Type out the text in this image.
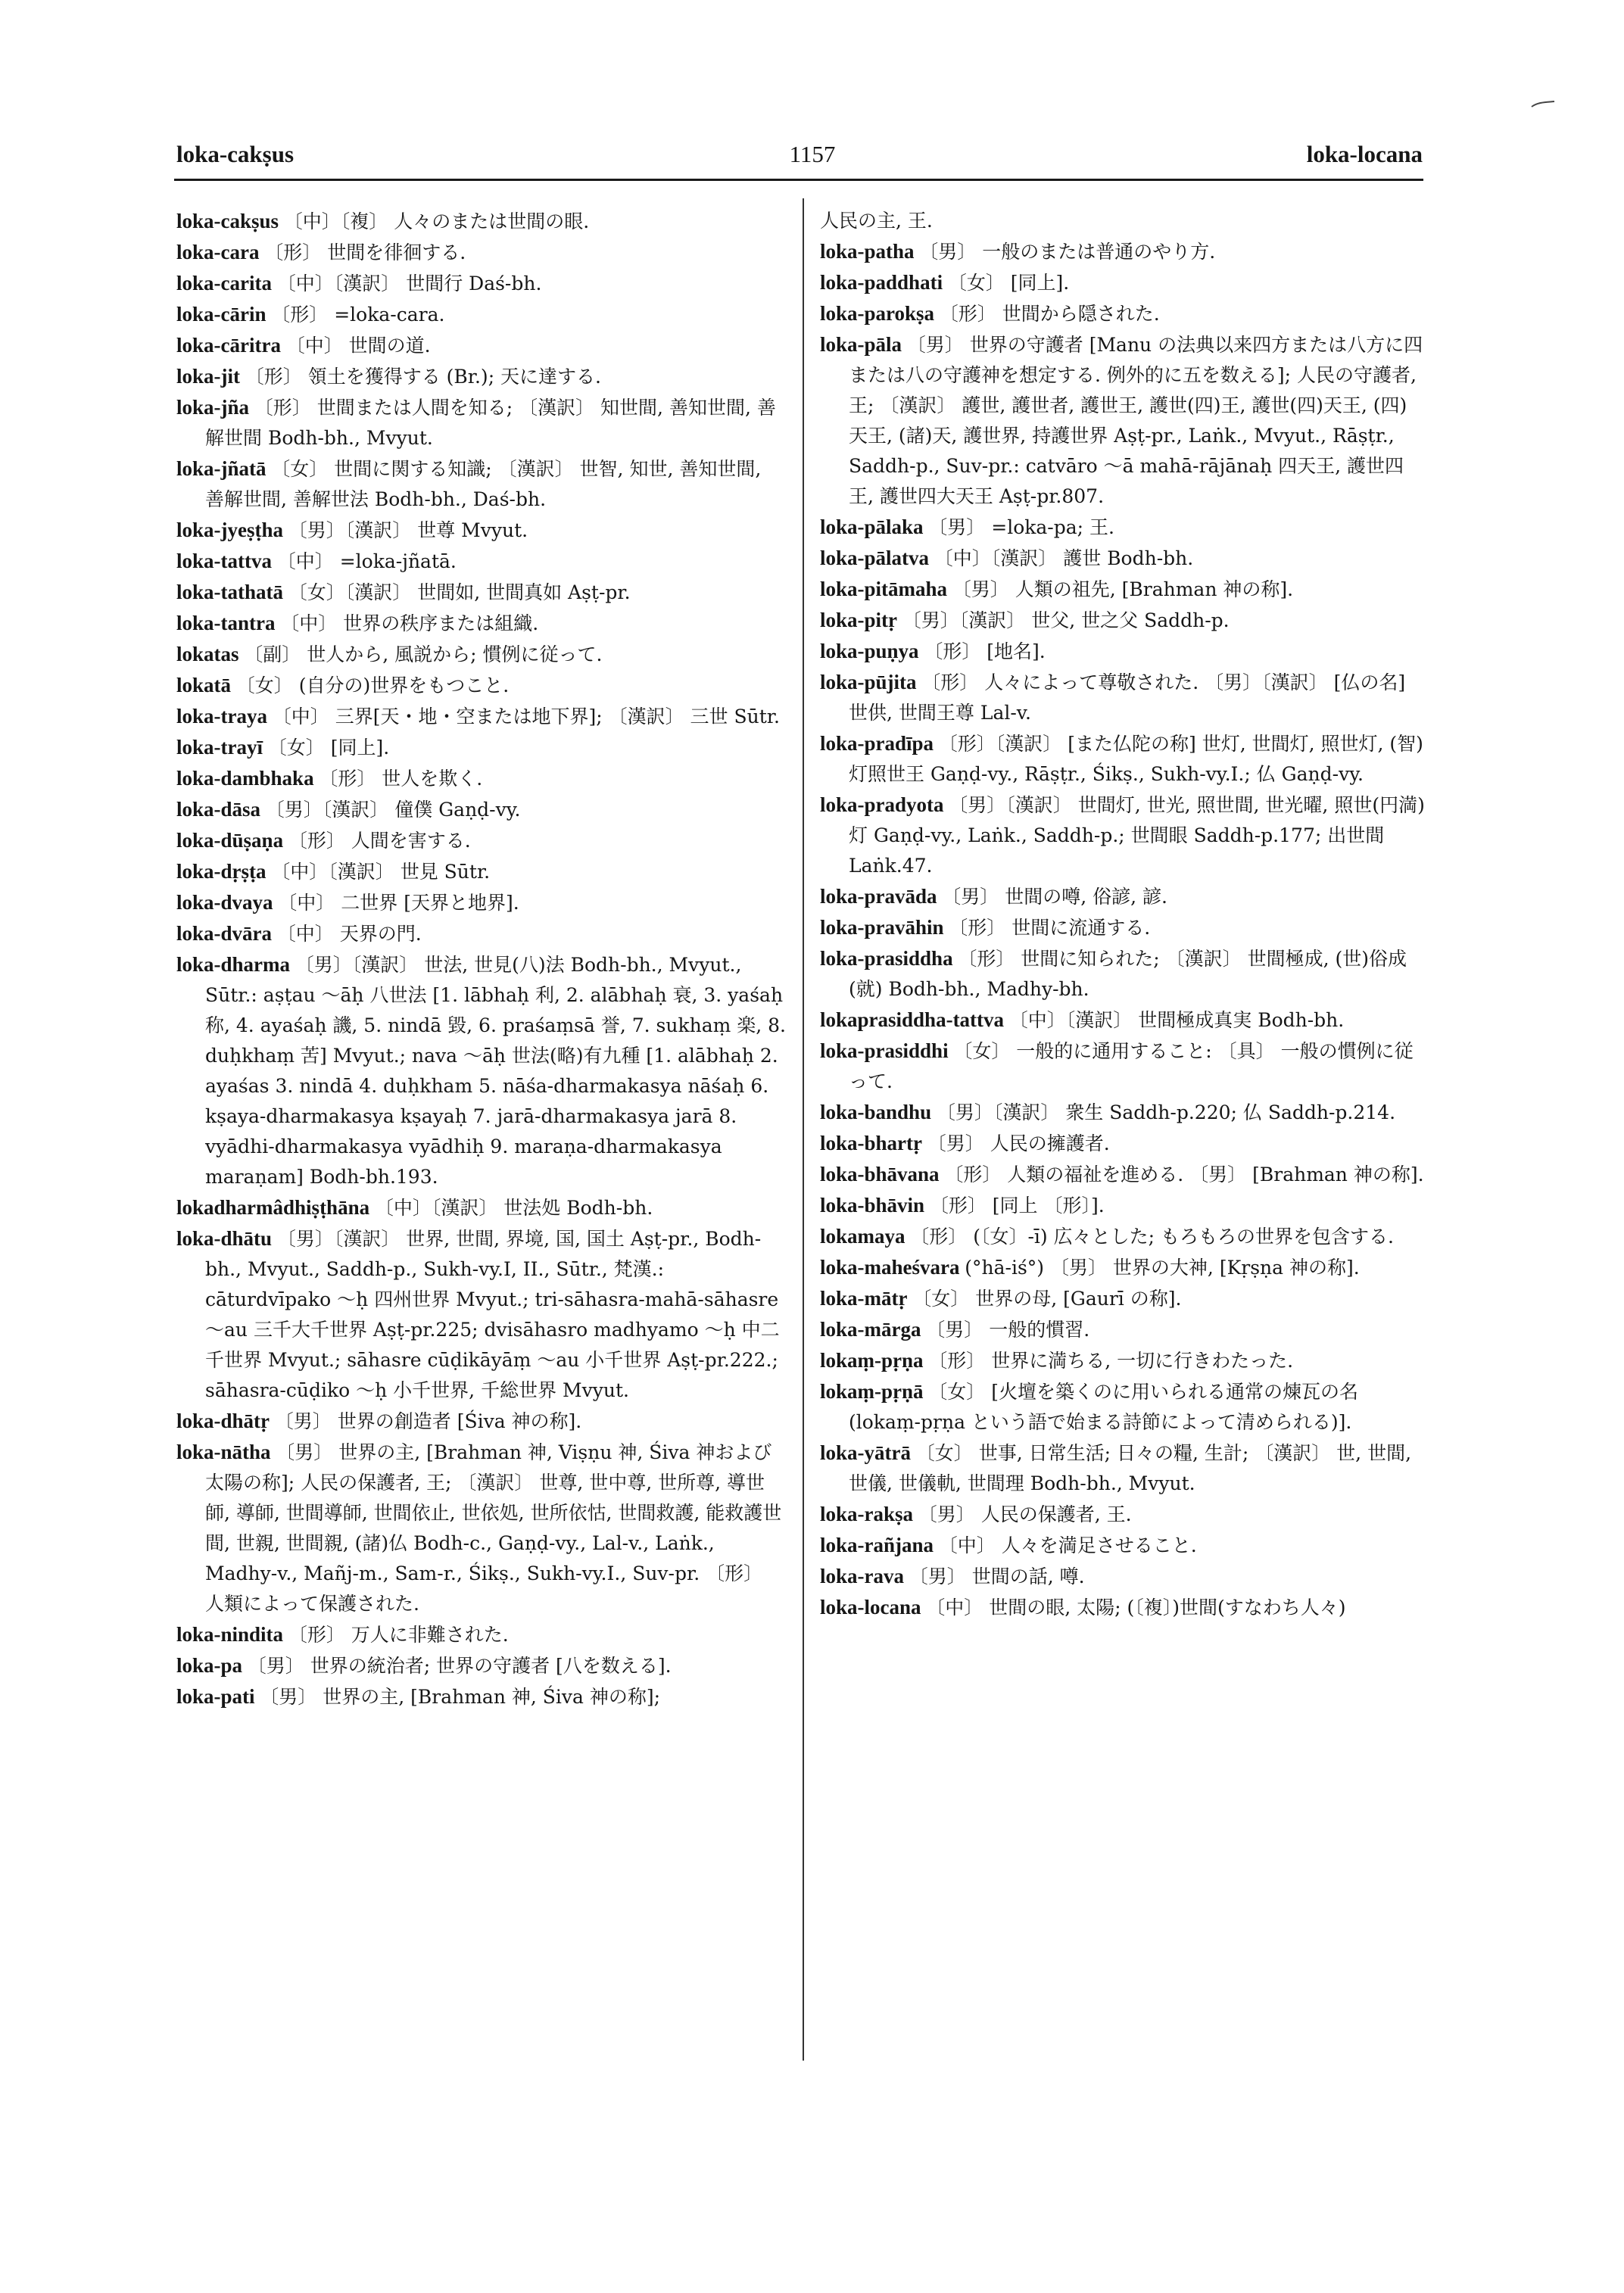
loka-cakṣus	1157	loka-locana

loka-cakṣus 〔中〕〔複〕 人々のまたは世間の眼.

loka-cara 〔形〕 世間を徘徊する.

loka-carita 〔中〕〔漢訳〕 世間行 Daś-bh.

loka-cārin 〔形〕 =loka-cara.

loka-cāritra 〔中〕 世間の道.

loka-jit 〔形〕 領土を獲得する (Br.); 天に達する.

loka-jña 〔形〕 世間または人間を知る; 〔漢訳〕 知世間, 善知世間, 善解世間 Bodh-bh., Mvyut.

loka-jñatā 〔女〕 世間に関する知識; 〔漢訳〕 世智, 知世, 善知世間, 善解世間, 善解世法 Bodh-bh., Daś-bh.

loka-jyeṣṭha 〔男〕〔漢訳〕 世尊 Mvyut.

loka-tattva 〔中〕 =loka-jñatā.

loka-tathatā 〔女〕〔漢訳〕 世間如, 世間真如 Aṣṭ-pr.

loka-tantra 〔中〕 世界の秩序または組織.

lokatas 〔副〕 世人から, 風説から; 慣例に従って.

lokatā 〔女〕 (自分の)世界をもつこと.

loka-traya 〔中〕 三界[天・地・空または地下界]; 〔漢訳〕 三世 Sūtr.

loka-trayī 〔女〕 [同上].

loka-dambhaka 〔形〕 世人を欺く.

loka-dāsa 〔男〕〔漢訳〕 僮僕 Gaṇḍ-vy.

loka-dūṣaṇa 〔形〕 人間を害する.

loka-dṛṣṭa 〔中〕〔漢訳〕 世見 Sūtr.

loka-dvaya 〔中〕 二世界 [天界と地界].

loka-dvāra 〔中〕 天界の門.

loka-dharma 〔男〕〔漢訳〕 世法, 世見(八)法 Bodh-bh., Mvyut., Sūtr.: aṣṭau ～āḥ 八世法 [1. lābhaḥ 利, 2. alābhaḥ 衰, 3. yaśaḥ 称, 4. ayaśaḥ 譏, 5. nindā 毀, 6. praśaṃsā 誉, 7. sukhaṃ 楽, 8. duḥkhaṃ 苦] Mvyut.; nava ～āḥ 世法(略)有九種 [1. alābhaḥ 2. ayaśas 3. nindā 4. duḥkham 5. nāśa-dharmakasya nāśaḥ 6. kṣaya-dharmakasya kṣayaḥ 7. jarā-dharmakasya jarā 8. vyādhi-dharmakasya vyādhiḥ 9. maraṇa-dharmakasya maraṇam] Bodh-bh.193.

lokadharmâdhiṣṭhāna 〔中〕〔漢訳〕 世法処 Bodh-bh.

loka-dhātu 〔男〕〔漢訳〕 世界, 世間, 界境, 国, 国土 Aṣṭ-pr., Bodh-bh., Mvyut., Saddh-p., Sukh-vy.I, II., Sūtr., 梵漢.: cāturdvīpako ～ḥ 四州世界 Mvyut.; tri-sāhasra-mahā-sāhasre ～au 三千大千世界 Aṣṭ-pr.225; dvisāhasro madhyamo ～ḥ 中二千世界 Mvyut.; sāhasre cūḍikāyāṃ ～au 小千世界 Aṣṭ-pr.222.; sāhasra-cūḍiko ～ḥ 小千世界, 千総世界 Mvyut.

loka-dhātṛ 〔男〕 世界の創造者 [Śiva 神の称].

loka-nātha 〔男〕 世界の主, [Brahman 神, Viṣṇu 神, Śiva 神および太陽の称]; 人民の保護者, 王; 〔漢訳〕 世尊, 世中尊, 世所尊, 導世師, 導師, 世間導師, 世間依止, 世依処, 世所依怙, 世間救護, 能救護世間, 世親, 世間親, (諸)仏 Bodh-c., Gaṇḍ-vy., Lal-v., Laṅk., Madhy-v., Mañj-m., Sam-r., Śikṣ., Sukh-vy.I., Suv-pr. 〔形〕 人類によって保護された.

loka-nindita 〔形〕 万人に非難された.

loka-pa 〔男〕 世界の統治者; 世界の守護者 [八を数える].

loka-pati 〔男〕 世界の主, [Brahman 神, Śiva 神の称];

人民の主, 王.

loka-patha 〔男〕 一般のまたは普通のやり方.

loka-paddhati 〔女〕 [同上].

loka-parokṣa 〔形〕 世間から隠された.

loka-pāla 〔男〕 世界の守護者 [Manu の法典以来四方または八方に四または八の守護神を想定する. 例外的に五を数える]; 人民の守護者, 王; 〔漢訳〕 護世, 護世者, 護世王, 護世(四)王, 護世(四)天王, (四)天王, (諸)天, 護世界, 持護世界 Aṣṭ-pr., Laṅk., Mvyut., Rāṣṭr., Saddh-p., Suv-pr.: catvāro ～ā mahā-rājānaḥ 四天王, 護世四王, 護世四大天王 Aṣṭ-pr.807.

loka-pālaka 〔男〕 =loka-pa; 王.

loka-pālatva 〔中〕〔漢訳〕 護世 Bodh-bh.

loka-pitāmaha 〔男〕 人類の祖先, [Brahman 神の称].

loka-pitṛ 〔男〕〔漢訳〕 世父, 世之父 Saddh-p.

loka-puṇya 〔形〕 [地名].

loka-pūjita 〔形〕 人々によって尊敬された. 〔男〕〔漢訳〕 [仏の名] 世供, 世間王尊 Lal-v.

loka-pradīpa 〔形〕〔漢訳〕 [また仏陀の称] 世灯, 世間灯, 照世灯, (智)灯照世王 Gaṇḍ-vy., Rāṣṭr., Śikṣ., Sukh-vy.I.; 仏 Gaṇḍ-vy.

loka-pradyota 〔男〕〔漢訳〕 世間灯, 世光, 照世間, 世光曜, 照世(円満)灯 Gaṇḍ-vy., Laṅk., Saddh-p.; 世間眼 Saddh-p.177; 出世間 Laṅk.47.

loka-pravāda 〔男〕 世間の噂, 俗諺, 諺.

loka-pravāhin 〔形〕 世間に流通する.

loka-prasiddha 〔形〕 世間に知られた; 〔漢訳〕 世間極成, (世)俗成(就) Bodh-bh., Madhy-bh.

lokaprasiddha-tattva 〔中〕〔漢訳〕 世間極成真実 Bodh-bh.

loka-prasiddhi 〔女〕 一般的に通用すること: 〔具〕 一般の慣例に従って.

loka-bandhu 〔男〕〔漢訳〕 衆生 Saddh-p.220; 仏 Saddh-p.214.

loka-bhartṛ 〔男〕 人民の擁護者.

loka-bhāvana 〔形〕 人類の福祉を進める. 〔男〕 [Brahman 神の称].

loka-bhāvin 〔形〕 [同上 〔形〕].

lokamaya 〔形〕 (〔女〕-ī) 広々とした; もろもろの世界を包含する.

loka-maheśvara (°hā-iś°) 〔男〕 世界の大神, [Kṛṣṇa 神の称].

loka-mātṛ 〔女〕 世界の母, [Gaurī の称].

loka-mārga 〔男〕 一般的慣習.

lokaṃ-pṛṇa 〔形〕 世界に満ちる, 一切に行きわたった.

lokaṃ-pṛṇā 〔女〕 [火壇を築くのに用いられる通常の煉瓦の名 (lokaṃ-pṛṇa という語で始まる詩節によって清められる)].

loka-yātrā 〔女〕 世事, 日常生活; 日々の糧, 生計; 〔漢訳〕 世, 世間, 世儀, 世儀軌, 世間理 Bodh-bh., Mvyut.

loka-rakṣa 〔男〕 人民の保護者, 王.

loka-rañjana 〔中〕 人々を満足させること.

loka-rava 〔男〕 世間の話, 噂.

loka-locana 〔中〕 世間の眼, 太陽; (〔複〕)世間(すなわち人々)
